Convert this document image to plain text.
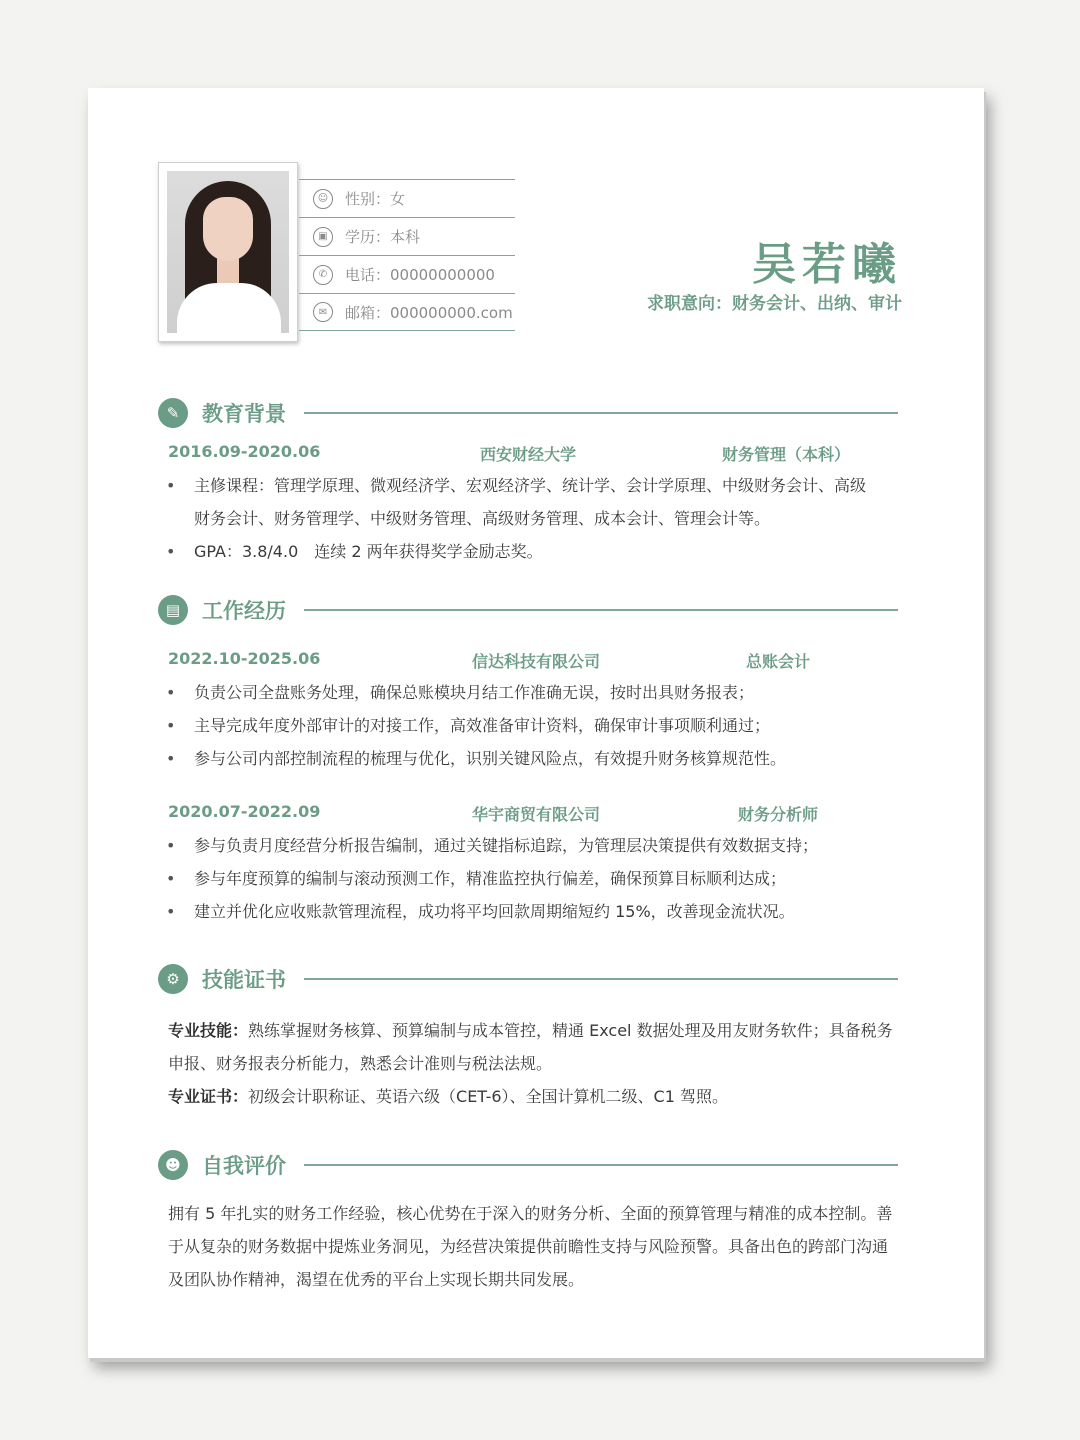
☺	性别：女
▣	学历：本科
✆	电话：00000000000
✉	邮箱：000000000.com
吴若曦
求职意向：财务会计、出纳、审计
✎	教育背景
2016.09-2020.06	西安财经大学	财务管理（本科）
• 主修课程：管理学原理、微观经济学、宏观经济学、统计学、会计学原理、中级财务会计、高级财务会计、财务管理学、中级财务管理、高级财务管理、成本会计、管理会计等。
• GPA：3.8/4.0　连续 2 两年获得奖学金励志奖。
▤	工作经历
2022.10-2025.06	信达科技有限公司	总账会计
• 负责公司全盘账务处理，确保总账模块月结工作准确无误，按时出具财务报表；
• 主导完成年度外部审计的对接工作，高效准备审计资料，确保审计事项顺利通过；
• 参与公司内部控制流程的梳理与优化，识别关键风险点，有效提升财务核算规范性。
2020.07-2022.09	华宇商贸有限公司	财务分析师
• 参与负责月度经营分析报告编制，通过关键指标追踪，为管理层决策提供有效数据支持；
• 参与年度预算的编制与滚动预测工作，精准监控执行偏差，确保预算目标顺利达成；
• 建立并优化应收账款管理流程，成功将平均回款周期缩短约 15%，改善现金流状况。
⚙	技能证书
专业技能：熟练掌握财务核算、预算编制与成本管控，精通 Excel 数据处理及用友财务软件；具备税务申报、财务报表分析能力，熟悉会计准则与税法法规。
专业证书：初级会计职称证、英语六级（CET-6）、全国计算机二级、C1 驾照。
☻	自我评价
拥有 5 年扎实的财务工作经验，核心优势在于深入的财务分析、全面的预算管理与精准的成本控制。善于从复杂的财务数据中提炼业务洞见，为经营决策提供前瞻性支持与风险预警。具备出色的跨部门沟通及团队协作精神，渴望在优秀的平台上实现长期共同发展。
